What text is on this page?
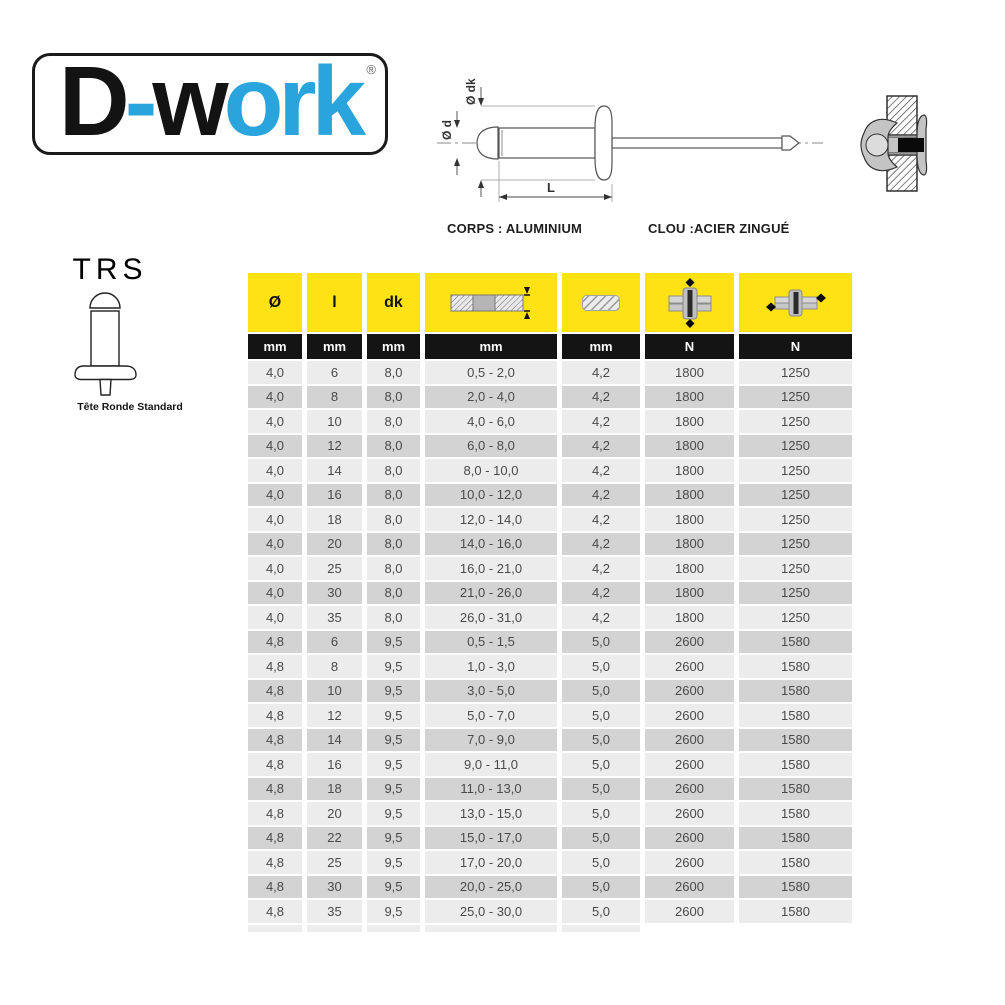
D-work ®
Ø dk
Ø d
L
CORPS : ALUMINIUM	CLOU :ACIER ZINGUÉ
TRS
Tête Ronde Standard
Ø	l	dk
mm	mm	mm	mm	mm	N	N
4,0	6	8,0	0,5 - 2,0	4,2	1800	1250
4,0	8	8,0	2,0 - 4,0	4,2	1800	1250
4,0	10	8,0	4,0 - 6,0	4,2	1800	1250
4,0	12	8,0	6,0 - 8,0	4,2	1800	1250
4,0	14	8,0	8,0 - 10,0	4,2	1800	1250
4,0	16	8,0	10,0 - 12,0	4,2	1800	1250
4,0	18	8,0	12,0 - 14,0	4,2	1800	1250
4,0	20	8,0	14,0 - 16,0	4,2	1800	1250
4,0	25	8,0	16,0 - 21,0	4,2	1800	1250
4,0	30	8,0	21,0 - 26,0	4,2	1800	1250
4,0	35	8,0	26,0 - 31,0	4,2	1800	1250
4,8	6	9,5	0,5 - 1,5	5,0	2600	1580
4,8	8	9,5	1,0 - 3,0	5,0	2600	1580
4,8	10	9,5	3,0 - 5,0	5,0	2600	1580
4,8	12	9,5	5,0 - 7,0	5,0	2600	1580
4,8	14	9,5	7,0 - 9,0	5,0	2600	1580
4,8	16	9,5	9,0 - 11,0	5,0	2600	1580
4,8	18	9,5	11,0 - 13,0	5,0	2600	1580
4,8	20	9,5	13,0 - 15,0	5,0	2600	1580
4,8	22	9,5	15,0 - 17,0	5,0	2600	1580
4,8	25	9,5	17,0 - 20,0	5,0	2600	1580
4,8	30	9,5	20,0 - 25,0	5,0	2600	1580
4,8	35	9,5	25,0 - 30,0	5,0	2600	1580
